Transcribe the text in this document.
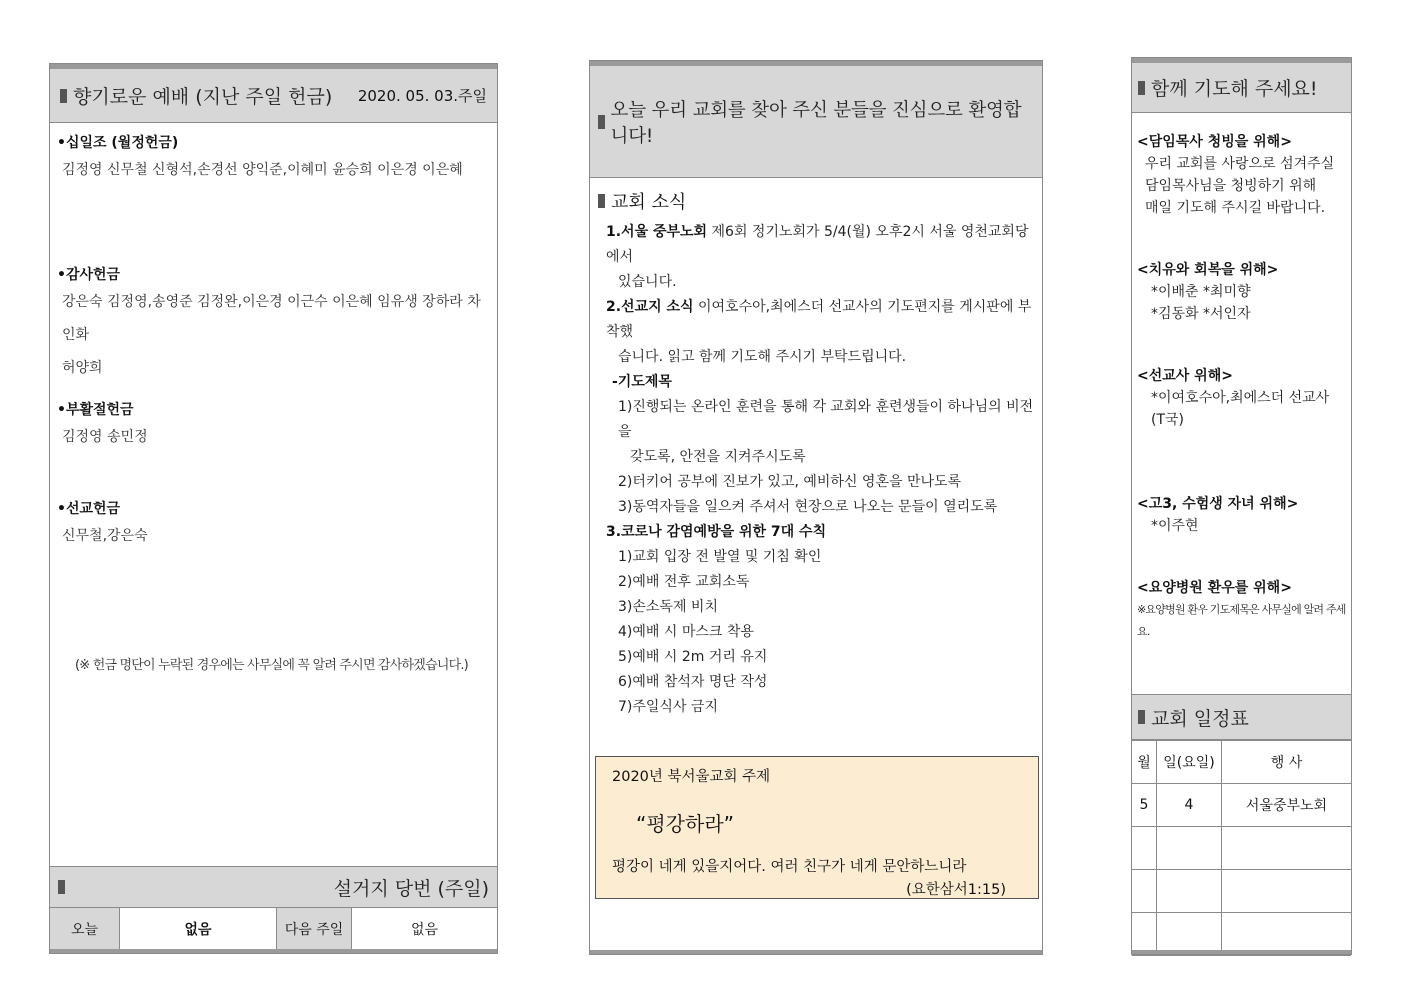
향기로운 예배 (지난 주일 헌금) 2020. 05. 03.주일
•십일조 (월정헌금)
김정영 신무철 신형석,손경선 양익준,이혜미 윤승희 이은경 이은혜
•감사헌금
강은숙 김정영,송영준 김정완,이은경 이근수 이은혜 임유생 장하라 차인화
허양희
•부활절헌금
김정영 송민정
•선교헌금
신무철,강은숙
(※ 헌금 명단이 누락된 경우에는 사무실에 꼭 알려 주시면 감사하겠습니다.)
설거지 당번 (주일)
오늘	없음	다음 주일	없음
오늘 우리 교회를 찾아 주신 분들을 진심으로 환영합니다!
교회 소식
1.서울 중부노회 제6회 정기노회가 5/4(월) 오후2시 서울 영천교회당에서
있습니다.
2.선교지 소식 이여호수아,최에스더 선교사의 기도편지를 게시판에 부착했
습니다. 읽고 함께 기도해 주시기 부탁드립니다.
-기도제목
1)진행되는 온라인 훈련을 통해 각 교회와 훈련생들이 하나님의 비전을
갖도록, 안전을 지켜주시도록
2)터키어 공부에 진보가 있고, 예비하신 영혼을 만나도록
3)동역자들을 일으켜 주셔서 현장으로 나오는 문들이 열리도록
3.코로나 감염예방을 위한 7대 수칙
1)교회 입장 전 발열 및 기침 확인
2)예배 전후 교회소독
3)손소독제 비치
4)예배 시 마스크 착용
5)예배 시 2m 거리 유지
6)예배 참석자 명단 작성
7)주일식사 금지
2020년 북서울교회 주제
“평강하라”
평강이 네게 있을지어다. 여러 친구가 네게 문안하느니라
(요한삼서1:15)
함께 기도해 주세요!
<담임목사 청빙을 위해>
우리 교회를 사랑으로 섬겨주실
담임목사님을 청빙하기 위해
매일 기도해 주시길 바랍니다.
<치유와 회복을 위해>
*이배춘 *최미향
*김동화 *서인자
<선교사 위해>
*이여호수아,최에스더 선교사 (T국)
<고3, 수험생 자녀 위해>
*이주현
<요양병원 환우를 위해>
※요양병원 환우 기도제목은 사무실에 알려 주세요.
교회 일정표
월	일(요일)	행 사
5	4	서울중부노회
